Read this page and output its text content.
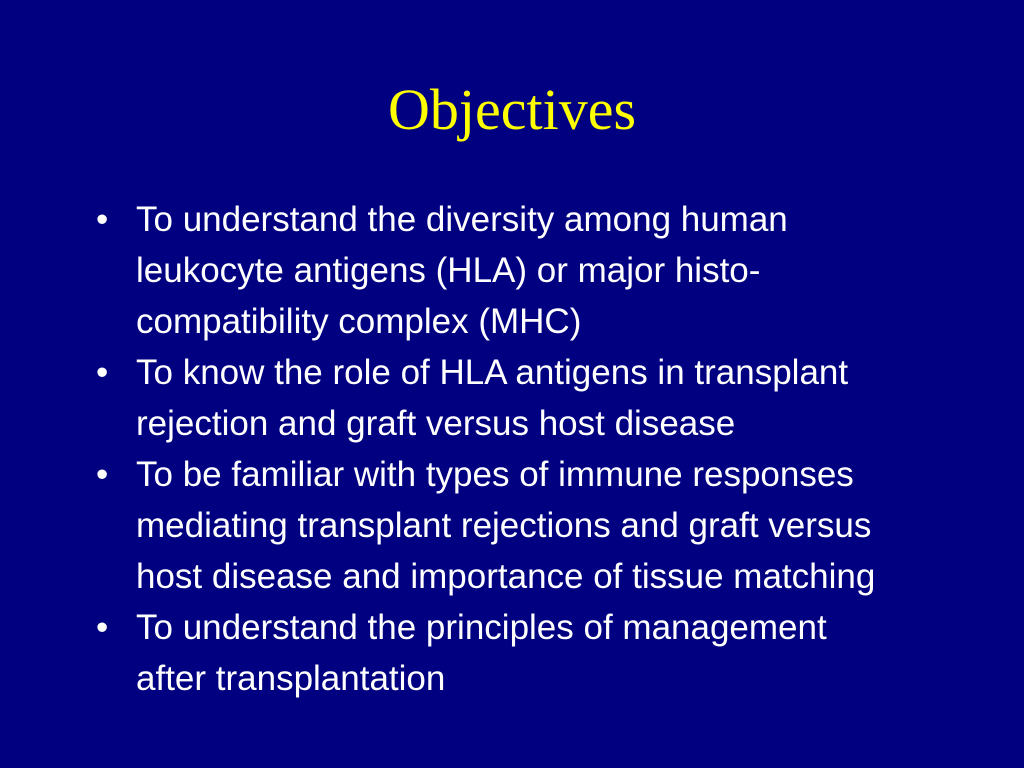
Objectives
• To understand the diversity among human
leukocyte antigens (HLA) or major histo-
compatibility complex (MHC)
• To know the role of HLA antigens in transplant
rejection and graft versus host disease
• To be familiar with types of immune responses
mediating transplant rejections and graft versus
host disease and importance of tissue matching
• To understand the principles of management
after transplantation
